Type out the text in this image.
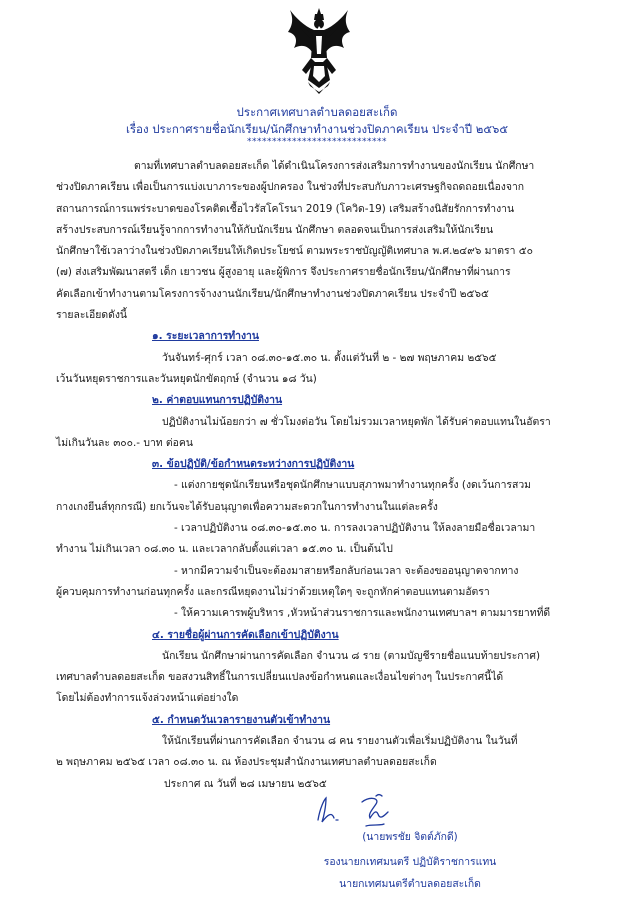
ประกาศเทศบาลตำบลดอยสะเก็ด
เรื่อง ประกาศรายชื่อนักเรียน/นักศึกษาทำงานช่วงปิดภาคเรียน ประจำปี ๒๕๖๕
****************************

ตามที่เทศบาลตำบลดอยสะเก็ด ได้ดำเนินโครงการส่งเสริมการทำงานของนักเรียน นักศึกษา

ช่วงปิดภาคเรียน เพื่อเป็นการแบ่งเบาภาระของผู้ปกครอง ในช่วงที่ประสบกับภาวะเศรษฐกิจถดถอยเนื่องจาก

สถานการณ์การแพร่ระบาดของโรคติดเชื้อไวรัสโคโรนา 2019 (โควิด-19) เสริมสร้างนิสัยรักการทำงาน

สร้างประสบการณ์เรียนรู้จากการทำงานให้กับนักเรียน นักศึกษา ตลอดจนเป็นการส่งเสริมให้นักเรียน

นักศึกษาใช้เวลาว่างในช่วงปิดภาคเรียนให้เกิดประโยชน์ ตามพระราชบัญญัติเทศบาล พ.ศ.๒๔๙๖ มาตรา ๕๐

(๗) ส่งเสริมพัฒนาสตรี เด็ก เยาวชน ผู้สูงอายุ และผู้พิการ จึงประกาศรายชื่อนักเรียน/นักศึกษาที่ผ่านการ

คัดเลือกเข้าทำงานตามโครงการจ้างงานนักเรียน/นักศึกษาทำงานช่วงปิดภาคเรียน ประจำปี ๒๕๖๕

รายละเอียดดังนี้

๑. ระยะเวลาการทำงาน

วันจันทร์-ศุกร์ เวลา ๐๘.๓๐-๑๕.๓๐ น. ตั้งแต่วันที่ ๒ - ๒๗ พฤษภาคม ๒๕๖๕

เว้นวันหยุดราชการและวันหยุดนักขัตฤกษ์ (จำนวน ๑๘ วัน)

๒. ค่าตอบแทนการปฏิบัติงาน

ปฏิบัติงานไม่น้อยกว่า ๗ ชั่วโมงต่อวัน โดยไม่รวมเวลาหยุดพัก ได้รับค่าตอบแทนในอัตรา

ไม่เกินวันละ ๓๐๐.- บาท ต่อคน

๓. ข้อปฏิบัติ/ข้อกำหนดระหว่างการปฏิบัติงาน

- แต่งกายชุดนักเรียนหรือชุดนักศึกษาแบบสุภาพมาทำงานทุกครั้ง (งดเว้นการสวม

กางเกงยีนส์ทุกกรณี) ยกเว้นจะได้รับอนุญาตเพื่อความสะดวกในการทำงานในแต่ละครั้ง

- เวลาปฏิบัติงาน ๐๘.๓๐-๑๕.๓๐ น. การลงเวลาปฏิบัติงาน ให้ลงลายมือชื่อเวลามา

ทำงาน ไม่เกินเวลา ๐๘.๓๐ น. และเวลากลับตั้งแต่เวลา ๑๕.๓๐ น. เป็นต้นไป

- หากมีความจำเป็นจะต้องมาสายหรือกลับก่อนเวลา จะต้องขออนุญาตจากทาง

ผู้ควบคุมการทำงานก่อนทุกครั้ง และกรณีหยุดงานไม่ว่าด้วยเหตุใดๆ จะถูกหักค่าตอบแทนตามอัตรา

- ให้ความเคารพผู้บริหาร ,หัวหน้าส่วนราชการและพนักงานเทศบาลฯ ตามมารยาทที่ดี

๔. รายชื่อผู้ผ่านการคัดเลือกเข้าปฏิบัติงาน

นักเรียน นักศึกษาผ่านการคัดเลือก จำนวน ๘ ราย (ตามบัญชีรายชื่อแนบท้ายประกาศ)

เทศบาลตำบลดอยสะเก็ด ขอสงวนสิทธิ์ในการเปลี่ยนแปลงข้อกำหนดและเงื่อนไขต่างๆ ในประกาศนี้ได้

โดยไม่ต้องทำการแจ้งล่วงหน้าแต่อย่างใด

๕. กำหนดวันเวลารายงานตัวเข้าทำงาน

ให้นักเรียนที่ผ่านการคัดเลือก จำนวน ๘ คน รายงานตัวเพื่อเริ่มปฏิบัติงาน ในวันที่

๒ พฤษภาคม ๒๕๖๕ เวลา ๐๘.๓๐ น. ณ ห้องประชุมสำนักงานเทศบาลตำบลดอยสะเก็ด

ประกาศ ณ วันที่ ๒๘ เมษายน ๒๕๖๕

(นายพรชัย จิตต์ภักดี)
รองนายกเทศมนตรี ปฏิบัติราชการแทน
นายกเทศมนตรีตำบลดอยสะเก็ด
